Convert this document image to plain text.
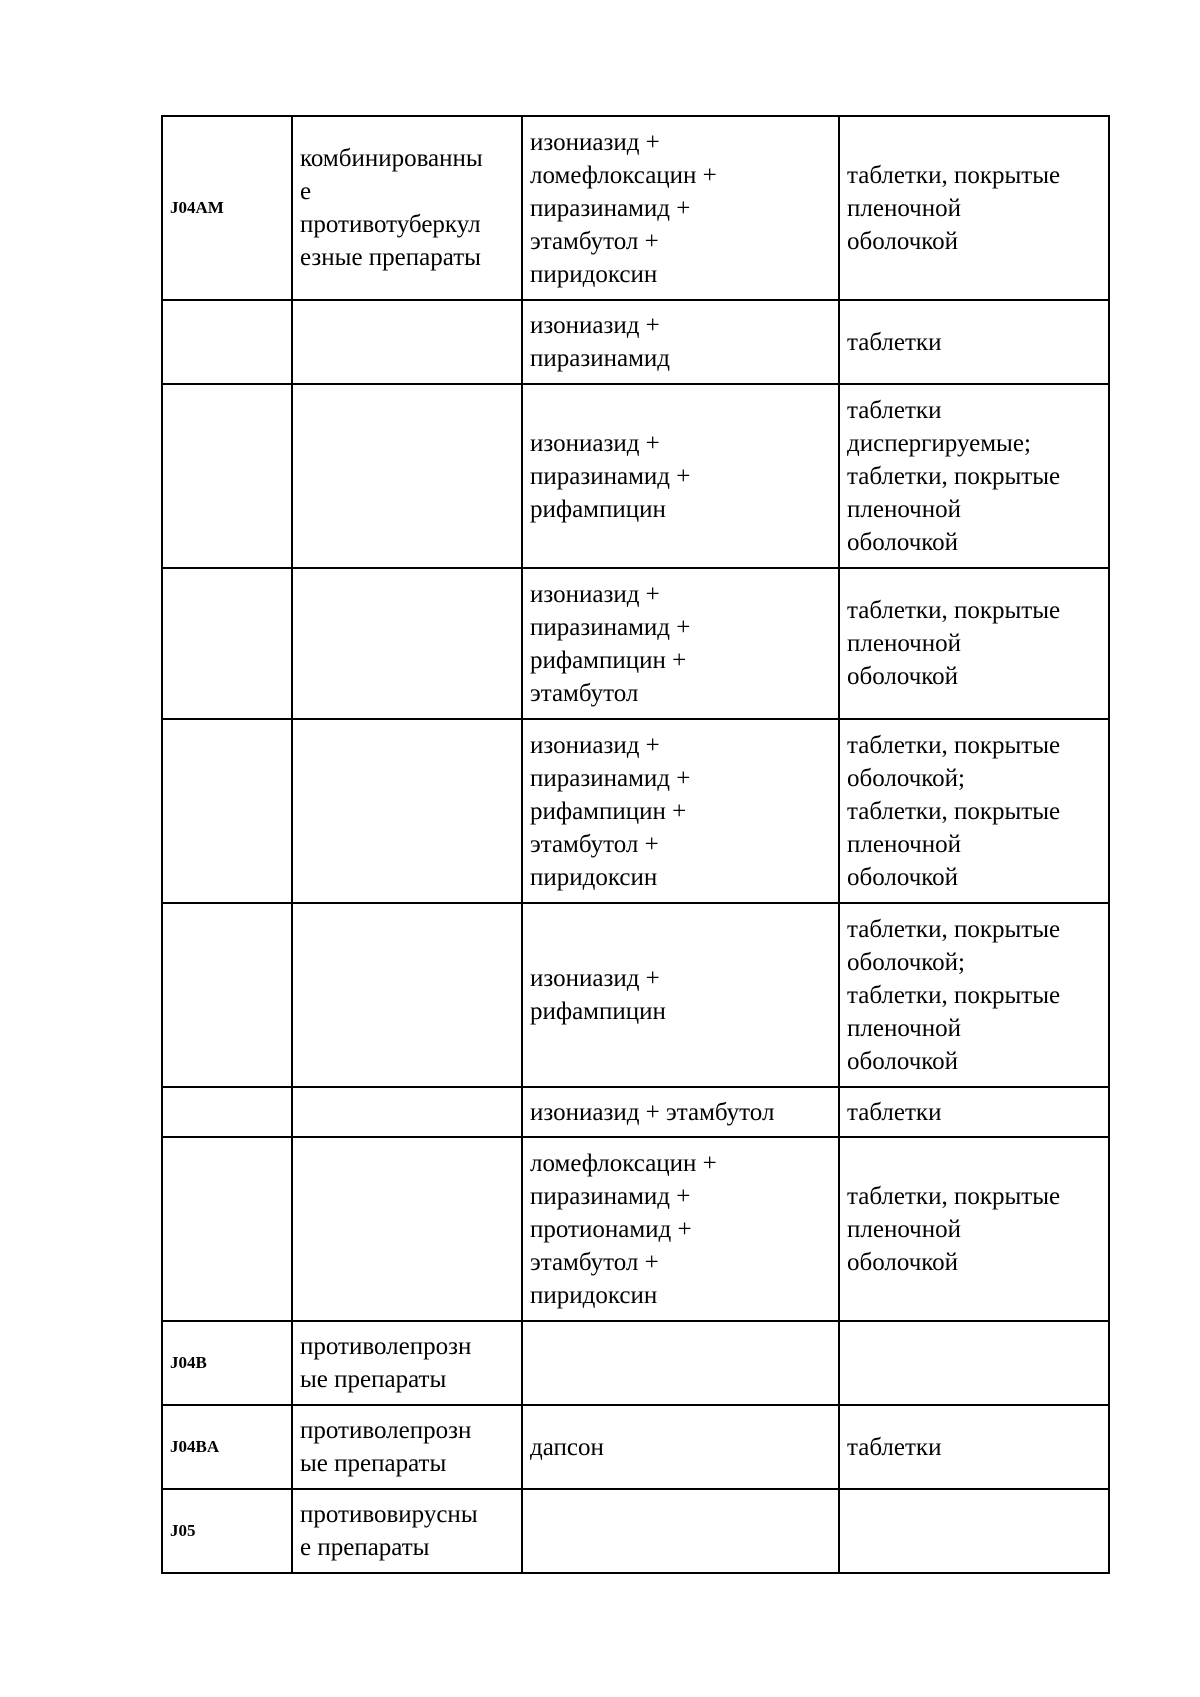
J04AM	комбинированны
е
противотуберкул
езные препараты	изониазид +
ломефлоксацин +
пиразинамид +
этамбутол +
пиридоксин	таблетки, покрытые
пленочной
оболочкой

		изониазид +
пиразинамид	таблетки

		изониазид +
пиразинамид +
рифампицин	таблетки
диспергируемые;
таблетки, покрытые
пленочной
оболочкой

		изониазид +
пиразинамид +
рифампицин +
этамбутол	таблетки, покрытые
пленочной
оболочкой

		изониазид +
пиразинамид +
рифампицин +
этамбутол +
пиридоксин	таблетки, покрытые
оболочкой;
таблетки, покрытые
пленочной
оболочкой

		изониазид +
рифампицин	таблетки, покрытые
оболочкой;
таблетки, покрытые
пленочной
оболочкой

		изониазид + этамбутол	таблетки

		ломефлоксацин +
пиразинамид +
протионамид +
этамбутол +
пиридоксин	таблетки, покрытые
пленочной
оболочкой

J04B	противолепрозн
ые препараты		

J04BA	противолепрозн
ые препараты	дапсон	таблетки

J05	противовирусны
е препараты		
